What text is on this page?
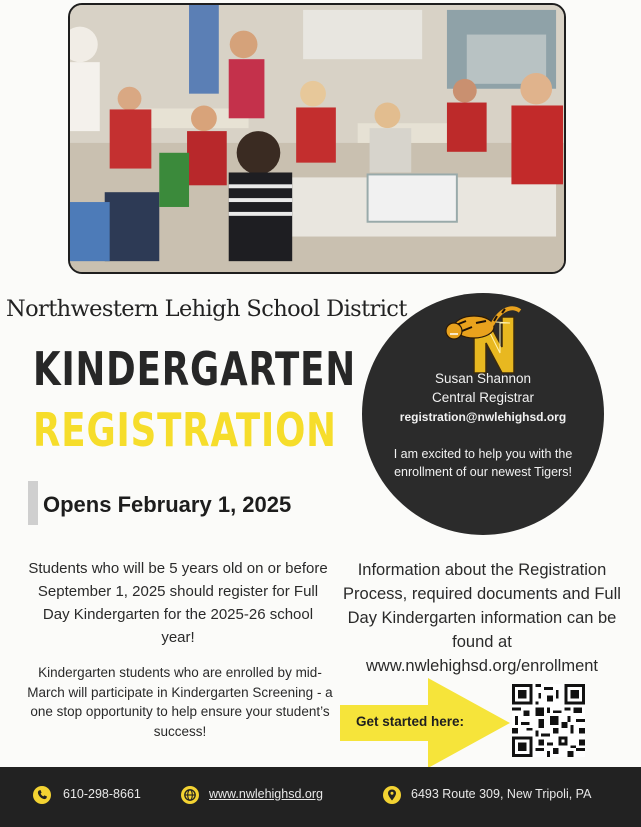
Northwestern Lehigh School District
KINDERGARTEN
REGISTRATION
Opens February 1, 2025
Susan Shannon
Central Registrar
registration@nwlehighsd.org
I am excited to help you with the enrollment of our newest Tigers!
Students who will be 5 years old on or before September 1, 2025 should register for Full Day Kindergarten for the 2025-26 school year!
Kindergarten students who are enrolled by mid-March will participate in Kindergarten Screening - a one stop opportunity to help ensure your student’s success!
Information about the Registration Process, required documents and Full Day Kindergarten information can be found at www.nwlehighsd.org/enrollment
Get started here:
610-298-8661	www.nwlehighsd.org	6493 Route 309, New Tripoli, PA
